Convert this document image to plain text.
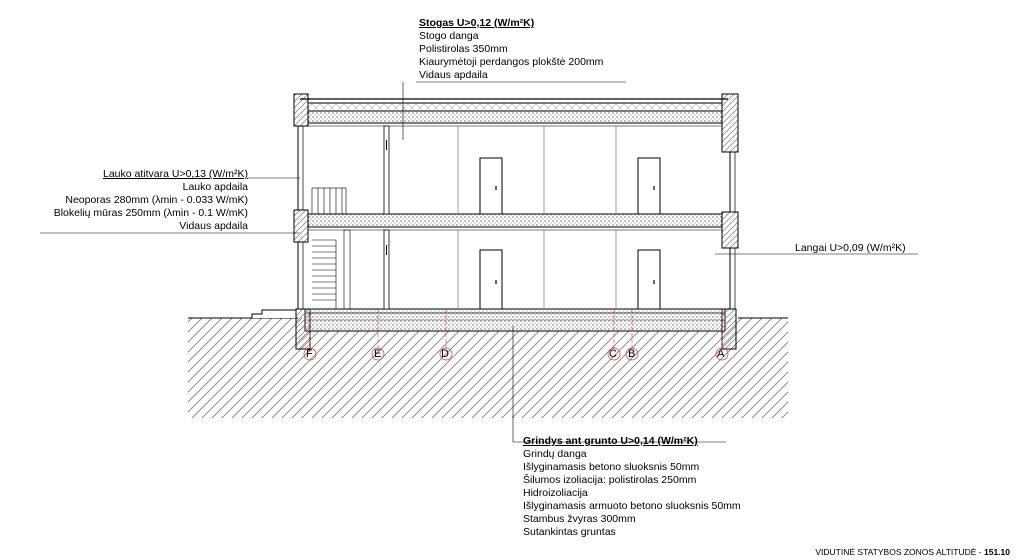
Stogas U>0,12 (W/m²K)
Stogo danga
Polistirolas 350mm
Kiaurymėtoji perdangos plokštė 200mm
Vidaus apdaila
Lauko atitvara U>0,13 (W/m²K)
Lauko apdaila
Neoporas 280mm (λmin - 0.033 W/mK)
Blokelių mūras 250mm (λmin - 0.1 W/mK)
Vidaus apdaila
Langai U>0,09 (W/m²K)
Grindys ant grunto U>0,14 (W/m²K)
Grindų danga
Išlyginamasis betono sluoksnis 50mm
Šilumos izoliacija: polistirolas 250mm
Hidroizoliacija
Išlyginamasis armuoto betono sluoksnis 50mm
Stambus žvyras 300mm
Sutankintas gruntas
F	E	D	C B	A
VIDUTINĖ STATYBOS ZONOS ALTITUDĖ - 151.10
